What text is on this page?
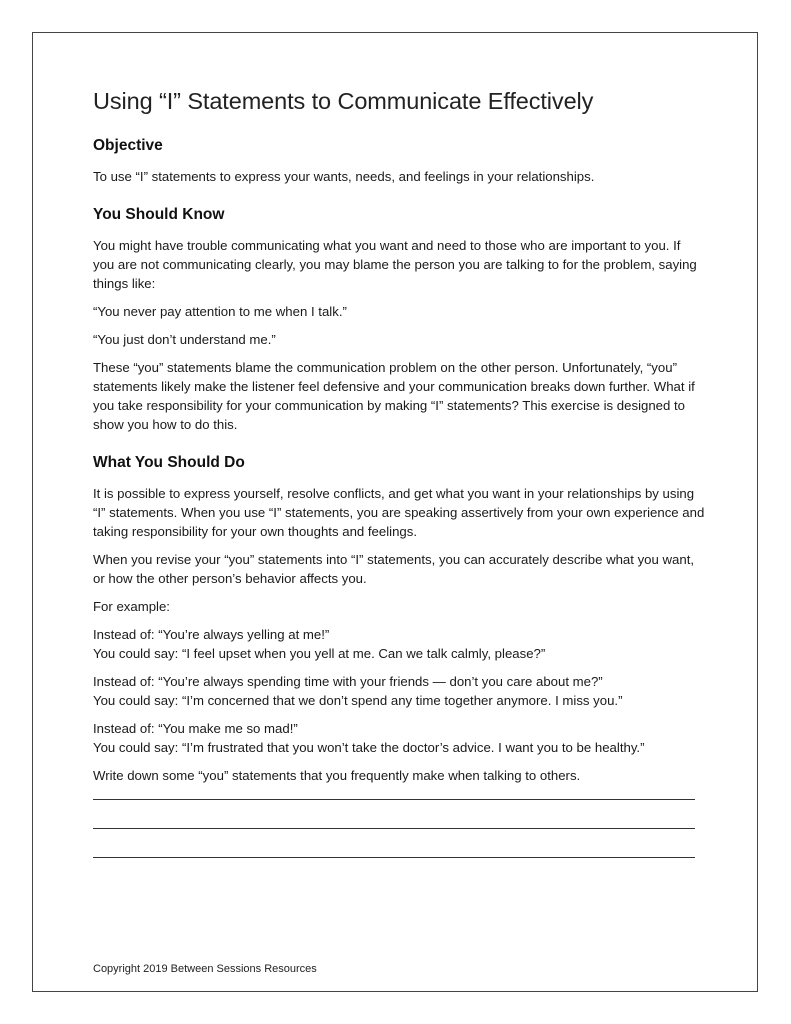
Using “I” Statements to Communicate Effectively
Objective

To use “I” statements to express your wants, needs, and feelings in your relationships.

You Should Know

You might have trouble communicating what you want and need to those who are important to you. If you are not communicating clearly, you may blame the person you are talking to for the problem, saying things like:

“You never pay attention to me when I talk.”

“You just don’t understand me.”

These “you” statements blame the communication problem on the other person. Unfortunately, “you” statements likely make the listener feel defensive and your communication breaks down further. What if you take responsibility for your communication by making “I” statements? This exercise is designed to show you how to do this.

What You Should Do

It is possible to express yourself, resolve conflicts, and get what you want in your relationships by using “I” statements. When you use “I” statements, you are speaking assertively from your own experience and taking responsibility for your own thoughts and feelings.

When you revise your “you” statements into “I” statements, you can accurately describe what you want, or how the other person’s behavior affects you.

For example:

Instead of: “You’re always yelling at me!”
You could say: “I feel upset when you yell at me. Can we talk calmly, please?”

Instead of: “You’re always spending time with your friends — don’t you care about me?”
You could say: “I’m concerned that we don’t spend any time together anymore. I miss you.”

Instead of: “You make me so mad!”
You could say: “I’m frustrated that you won’t take the doctor’s advice. I want you to be healthy.”

Write down some “you” statements that you frequently make when talking to others.

Copyright 2019 Between Sessions Resources
